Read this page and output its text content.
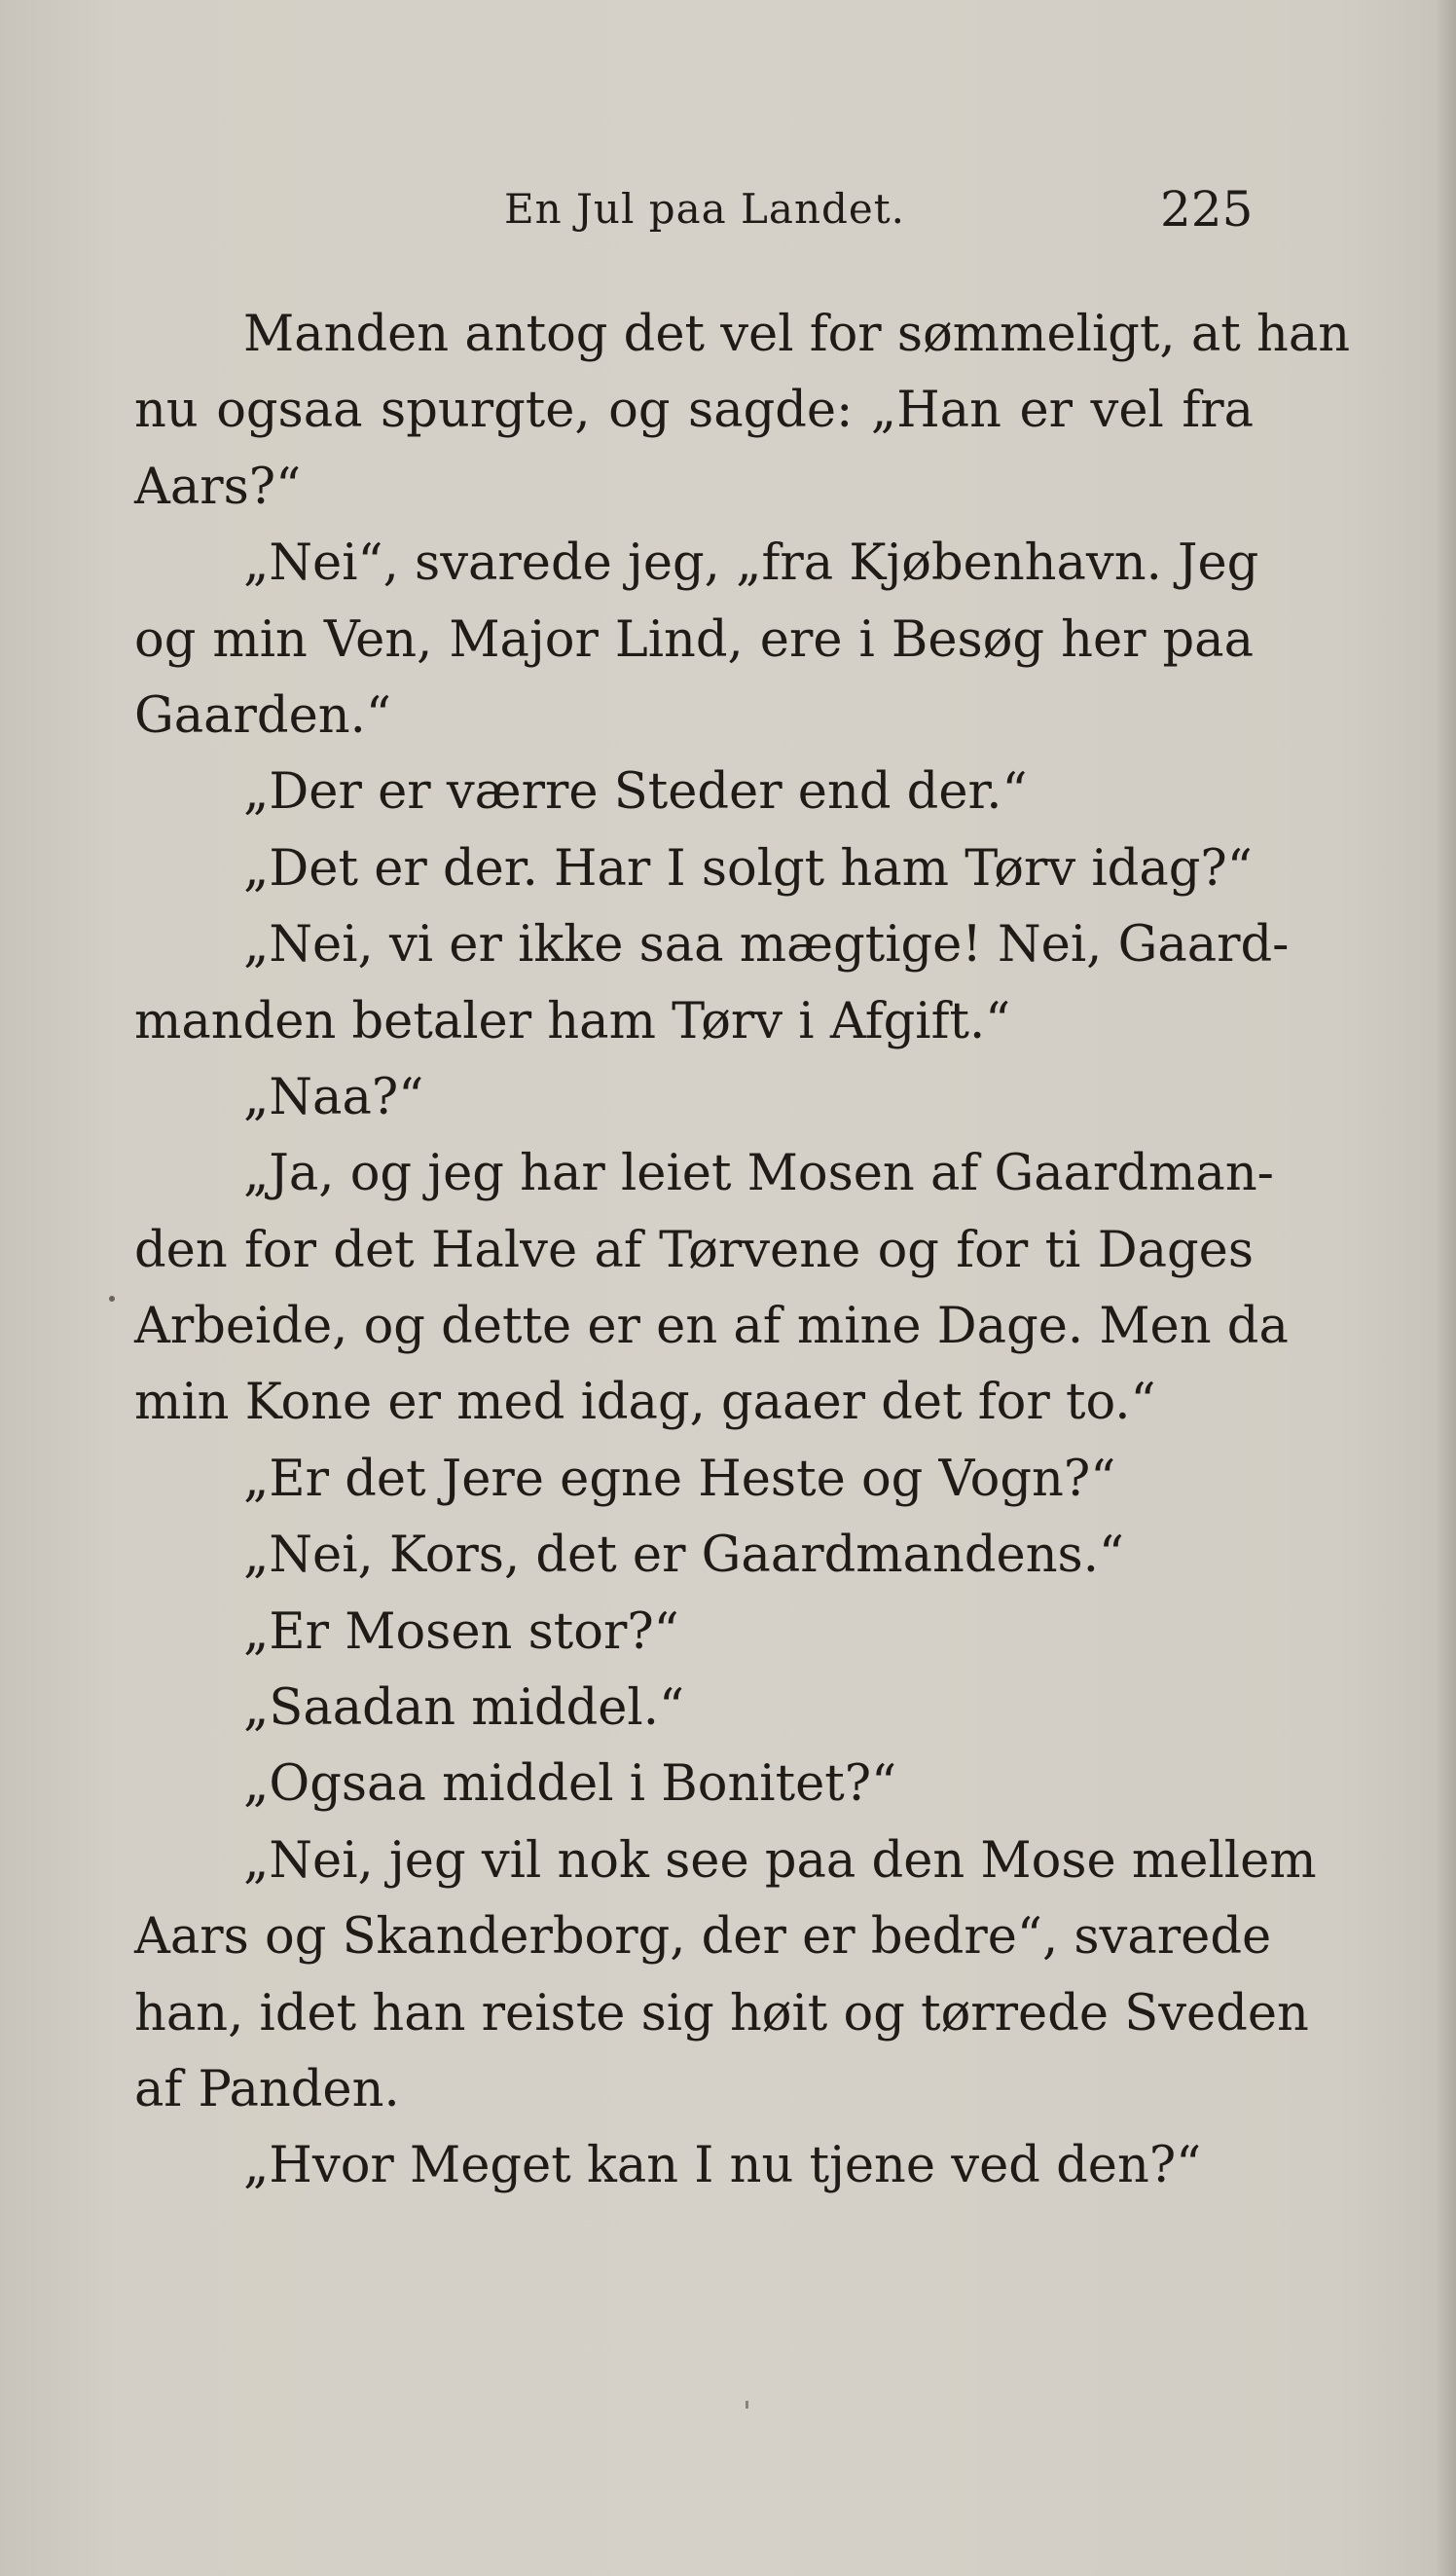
En Jul paa Landet.	225
Manden antog det vel for sømmeligt, at han
nu ogsaa spurgte, og sagde: „Han er vel fra
Aars?“
„Nei“, svarede jeg, „fra Kjøbenhavn. Jeg
og min Ven, Major Lind, ere i Besøg her paa
Gaarden.“
„Der er værre Steder end der.“
„Det er der. Har I solgt ham Tørv idag?“
„Nei, vi er ikke saa mægtige! Nei, Gaard-
manden betaler ham Tørv i Afgift.“
„Naa?“
„Ja, og jeg har leiet Mosen af Gaardman-
den for det Halve af Tørvene og for ti Dages
Arbeide, og dette er en af mine Dage. Men da
min Kone er med idag, gaaer det for to.“
„Er det Jere egne Heste og Vogn?“
„Nei, Kors, det er Gaardmandens.“
„Er Mosen stor?“
„Saadan middel.“
„Ogsaa middel i Bonitet?“
„Nei, jeg vil nok see paa den Mose mellem
Aars og Skanderborg, der er bedre“, svarede
han, idet han reiste sig høit og tørrede Sveden
af Panden.
„Hvor Meget kan I nu tjene ved den?“
